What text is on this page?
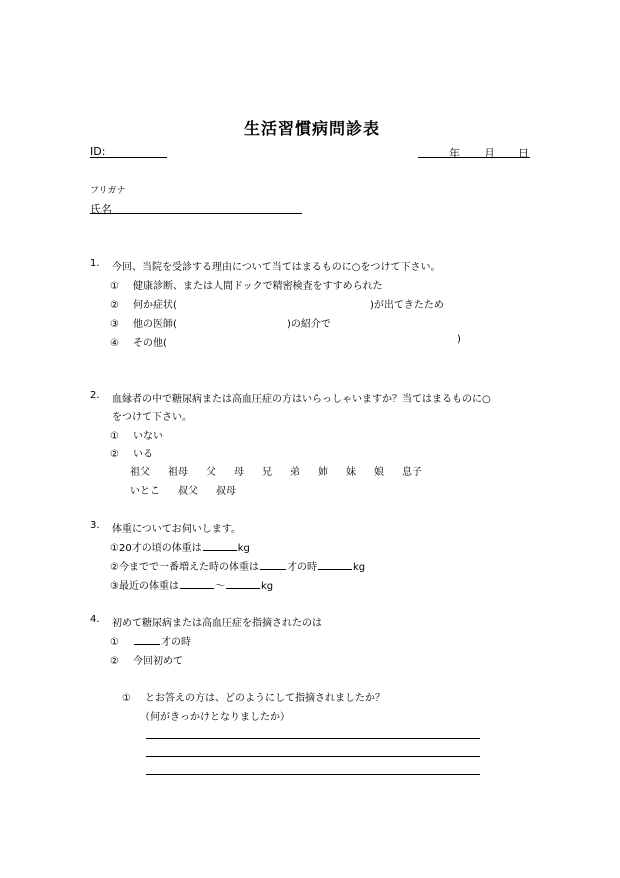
生活習慣病問診表
ID:	年 月 日
フリガナ
氏名
1. 今回、当院を受診する理由について当てはまるものに○をつけて下さい。
① 健康診断、または人間ドックで精密検査をすすめられた
② 何か症状(	)が出てきたため
③ 他の医師(	)の紹介で
④ その他(	)
2. 血縁者の中で糖尿病または高血圧症の方はいらっしゃいますか？当てはまるものに○
をつけて下さい。
① いない
② いる
祖父 祖母 父 母 兄 弟 姉 妹 娘 息子
いとこ 叔父 叔母
3. 体重についてお伺いします。
①20才の頃の体重は	kg
②今までで一番増えた時の体重は	才の時	kg
③最近の体重は	～	kg
4. 初めて糖尿病または高血圧症を指摘されたのは
①	才の時
② 今回初めて
① とお答えの方は、どのようにして指摘されましたか？
（何がきっかけとなりましたか）
